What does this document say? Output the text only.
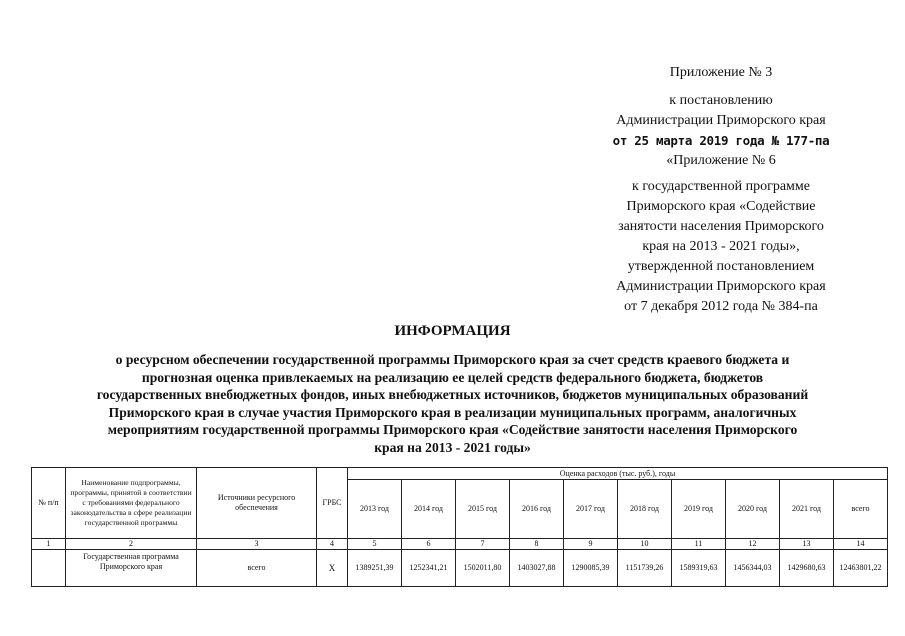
Приложение № 3
к постановлению
Администрации Приморского края
от 25 марта 2019 года № 177-па
«Приложение № 6
к государственной программе
Приморского края «Содействие
занятости населения Приморского
края на 2013 - 2021 годы»,
утвержденной постановлением
Администрации Приморского края
от 7 декабря 2012 года № 384-па
ИНФОРМАЦИЯ
о ресурсном обеспечении государственной программы Приморского края за счет средств краевого бюджета и прогнозная оценка привлекаемых на реализацию ее целей средств федерального бюджета, бюджетов государственных внебюджетных фондов, иных внебюджетных источников, бюджетов муниципальных образований Приморского края в случае участия Приморского края в реализации муниципальных программ, аналогичных мероприятиям государственной программы Приморского края «Содействие занятости населения Приморского края на 2013 - 2021 годы»
№ п/п	Наименование подпрограммы, программы, принятой в соответствии с требованиями федерального законодательства в сфере реализации государственной программы	Источники ресурсного обеспечения	ГРБС	Оценка расходов (тыс. руб.), годы									
				2013 год	2014 год	2015 год	2016 год	2017 год	2018 год	2019 год	2020 год	2021 год	всего
1	2	3	4	5	6	7	8	9	10	11	12	13	14
	Государственная программа Приморского края	всего	Х	1389251,39	1252341,21	1502011,80	1403027,88	1290085,39	1151739,26	1589319,63	1456344,03	1429680,63	12463801,22
